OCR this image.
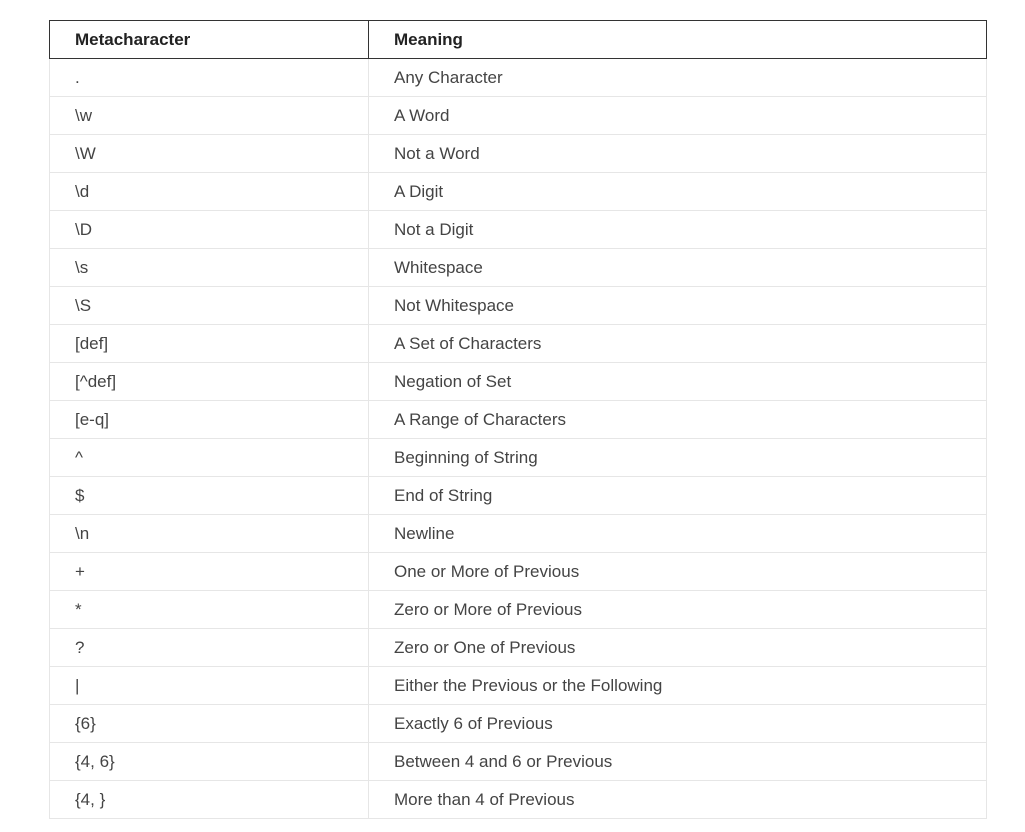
Metacharacter	Meaning

.	Any Character

\w	A Word

\W	Not a Word

\d	A Digit

\D	Not a Digit

\s	Whitespace

\S	Not Whitespace

[def]	A Set of Characters

[^def]	Negation of Set

[e-q]	A Range of Characters

^	Beginning of String

$	End of String

\n	Newline

+	One or More of Previous

*	Zero or More of Previous

?	Zero or One of Previous

|	Either the Previous or the Following

{6}	Exactly 6 of Previous

{4, 6}	Between 4 and 6 or Previous

{4, }	More than 4 of Previous
